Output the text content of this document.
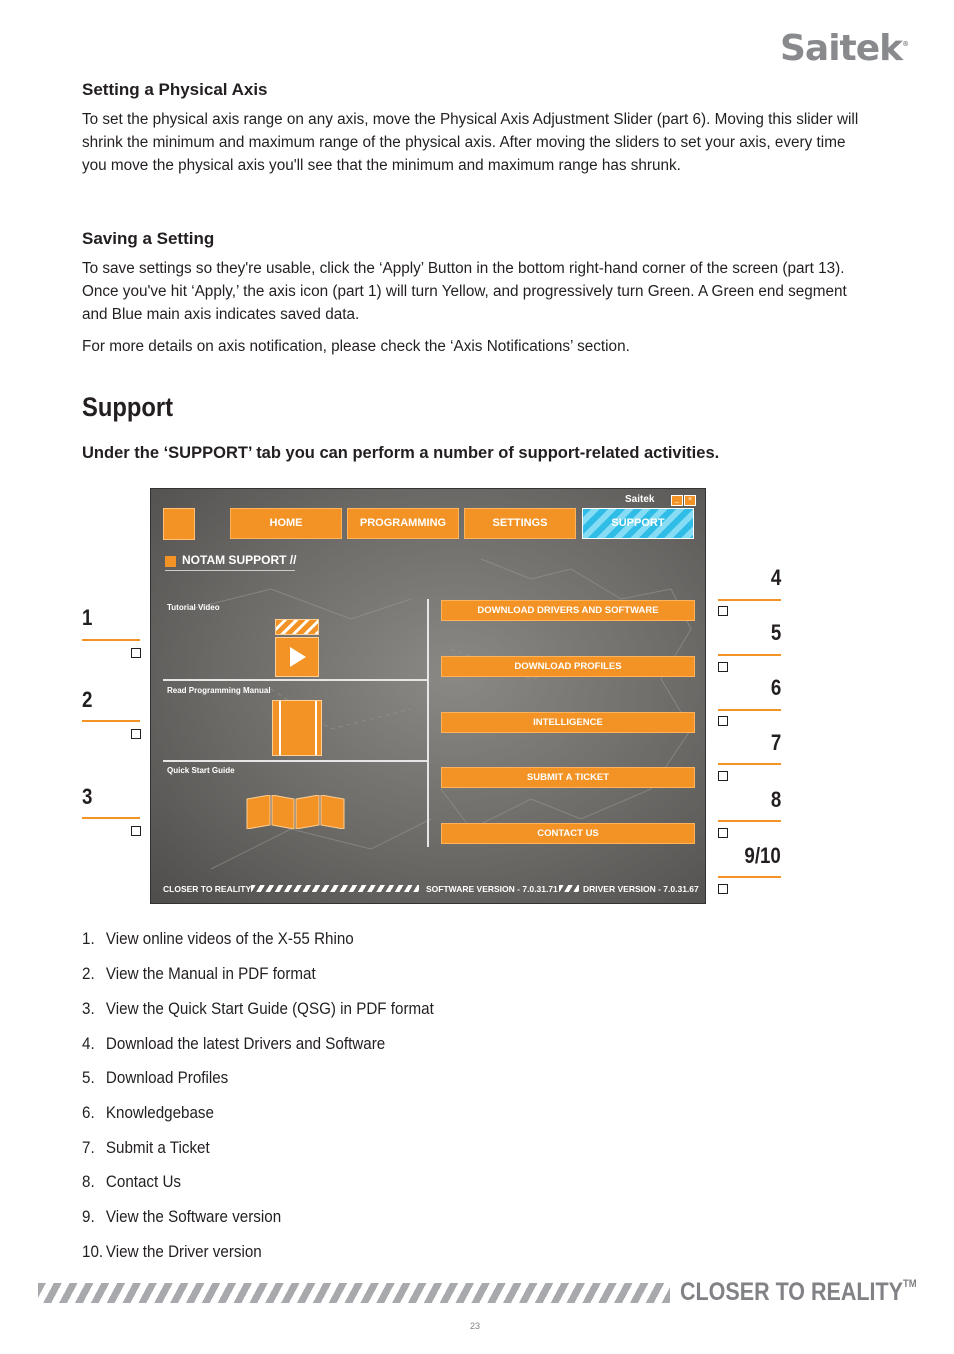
Saitek®
Setting a Physical Axis

To set the physical axis range on any axis, move the Physical Axis Adjustment Slider (part 6). Moving this slider will shrink the minimum and maximum range of the physical axis. After moving the sliders to set your axis, every time you move the physical axis you'll see that the minimum and maximum range has shrunk.

Saving a Setting

To save settings so they're usable, click the ‘Apply’ Button in the bottom right-hand corner of the screen (part 13). Once you've hit ‘Apply,’ the axis icon (part 1) will turn Yellow, and progressively turn Green. A Green end segment and Blue main axis indicates saved data.

For more details on axis notification, please check the ‘Axis Notifications’ section.

Support

Under the ‘SUPPORT’ tab you can perform a number of support-related activities.

Saitek	_	×
HOME	PROGRAMMING	SETTINGS	SUPPORT
NOTAM SUPPORT //
Tutorial Video
Read Programming Manual
Quick Start Guide
DOWNLOAD DRIVERS AND SOFTWARE
DOWNLOAD PROFILES
INTELLIGENCE
SUBMIT A TICKET
CONTACT US
CLOSER TO REALITY	SOFTWARE VERSION - 7.0.31.71	DRIVER VERSION - 7.0.31.67
1
2
3
4
5
6
7
8
9/10
1. View online videos of the X-55 Rhino
2. View the Manual in PDF format
3. View the Quick Start Guide (QSG) in PDF format
4. Download the latest Drivers and Software
5. Download Profiles
6. Knowledgebase
7. Submit a Ticket
8. Contact Us
9. View the Software version
10. View the Driver version
CLOSER TO REALITY™
23
